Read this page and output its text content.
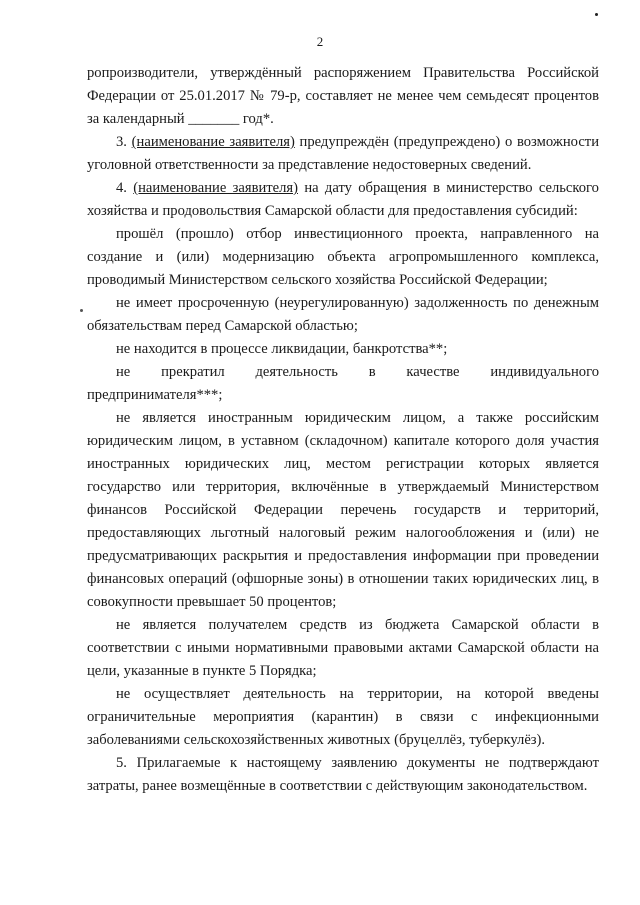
2

ропроизводители, утверждённый распоряжением Правительства Российской Федерации от 25.01.2017 № 79-р, составляет не менее чем семьдесят процентов за календарный _______ год*.

3. (наименование заявителя) предупреждён (предупреждено) о возможности уголовной ответственности за представление недостоверных сведений.

4. (наименование заявителя) на дату обращения в министерство сельского хозяйства и продовольствия Самарской области для предоставления субсидий:

прошёл (прошло) отбор инвестиционного проекта, направленного на создание и (или) модернизацию объекта агропромышленного комплекса, проводимый Министерством сельского хозяйства Российской Федерации;

не имеет просроченную (неурегулированную) задолженность по денежным обязательствам перед Самарской областью;

не находится в процессе ликвидации, банкротства**;

не прекратил деятельность в качестве индивидуального предпринимателя***;

не является иностранным юридическим лицом, а также российским юридическим лицом, в уставном (складочном) капитале которого доля участия иностранных юридических лиц, местом регистрации которых является государство или территория, включённые в утверждаемый Министерством финансов Российской Федерации перечень государств и территорий, предоставляющих льготный налоговый режим налогообложения и (или) не предусматривающих раскрытия и предоставления информации при проведении финансовых операций (офшорные зоны) в отношении таких юридических лиц, в совокупности превышает 50 процентов;

не является получателем средств из бюджета Самарской области в соответствии с иными нормативными правовыми актами Самарской области на цели, указанные в пункте 5 Порядка;

не осуществляет деятельность на территории, на которой введены ограничительные мероприятия (карантин) в связи с инфекционными заболеваниями сельскохозяйственных животных (бруцеллёз, туберкулёз).

5. Прилагаемые к настоящему заявлению документы не подтверждают затраты, ранее возмещённые в соответствии с действующим законодательством.
